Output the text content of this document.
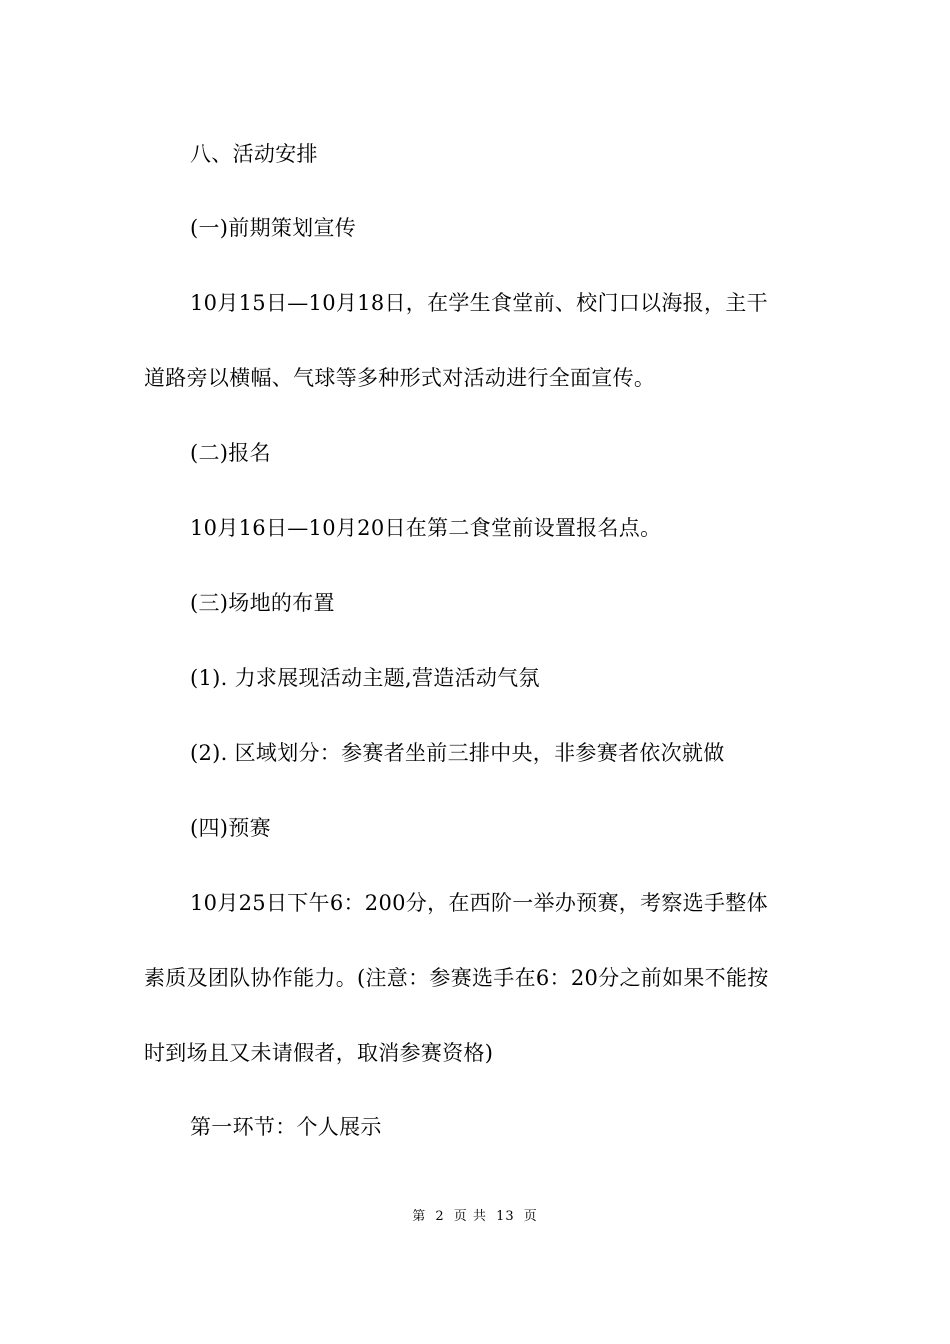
八、活动安排
(一)前期策划宣传
10月15日—10月18日，在学生食堂前、校门口以海报，主干
道路旁以横幅、气球等多种形式对活动进行全面宣传。
(二)报名
10月16日—10月20日在第二食堂前设置报名点。
(三)场地的布置
(1). 力求展现活动主题,营造活动气氛
(2). 区域划分：参赛者坐前三排中央，非参赛者依次就做
(四)预赛
10月25日下午6：200分，在西阶一举办预赛，考察选手整体
素质及团队协作能力。(注意：参赛选手在6：20分之前如果不能按
时到场且又未请假者，取消参赛资格)
第一环节：个人展示
第 2 页 共 13 页
